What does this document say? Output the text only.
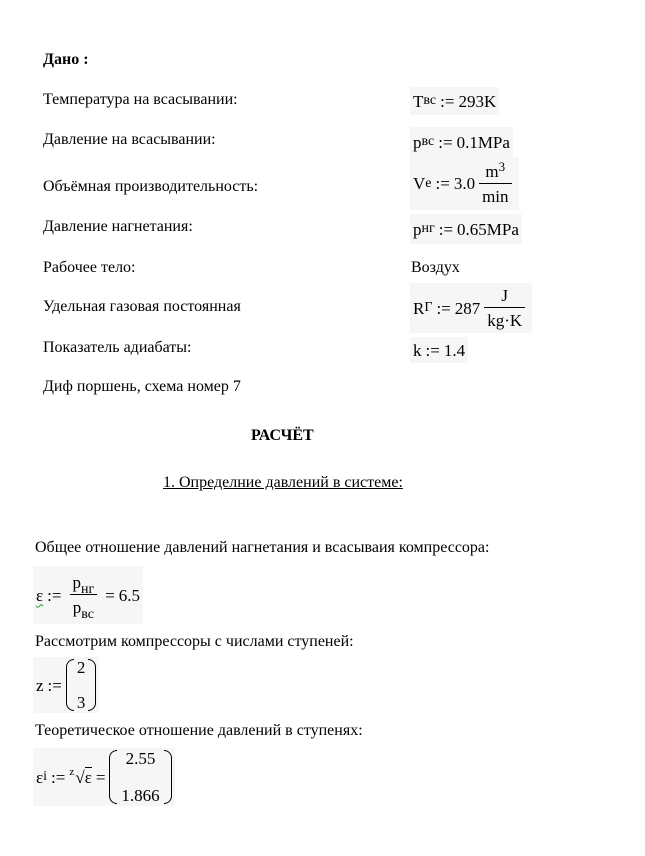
Дано :
Температура на всасывании:
Давление на всасывании:
Объёмная производительность:
Давление нагнетания:
Рабочее тело:
Удельная газовая постоянная
Показатель адиабаты:
Диф поршень, схема номер 7
T вс := 293 K
p вс := 0.1 MPa
V e := $3.0 \frac{m^3}{\min}$
p нг := 0.65 MPa
Воздух
R Г := $287 \frac{J}{kg\cdot K}$
k := 1.4
РАСЧЁТ
1. Определние давлений в системе:
Общее отношение давлений нагнетания и всасываия компрессора:
ε := $\frac{p_{нг}}{p_{вс}} = 6.5$
Рассмотрим компрессоры с числами ступеней:
z :=
2
3
Теоретическое отношение давлений в ступенях:
ε i := z √ε =
2.55
1.866
